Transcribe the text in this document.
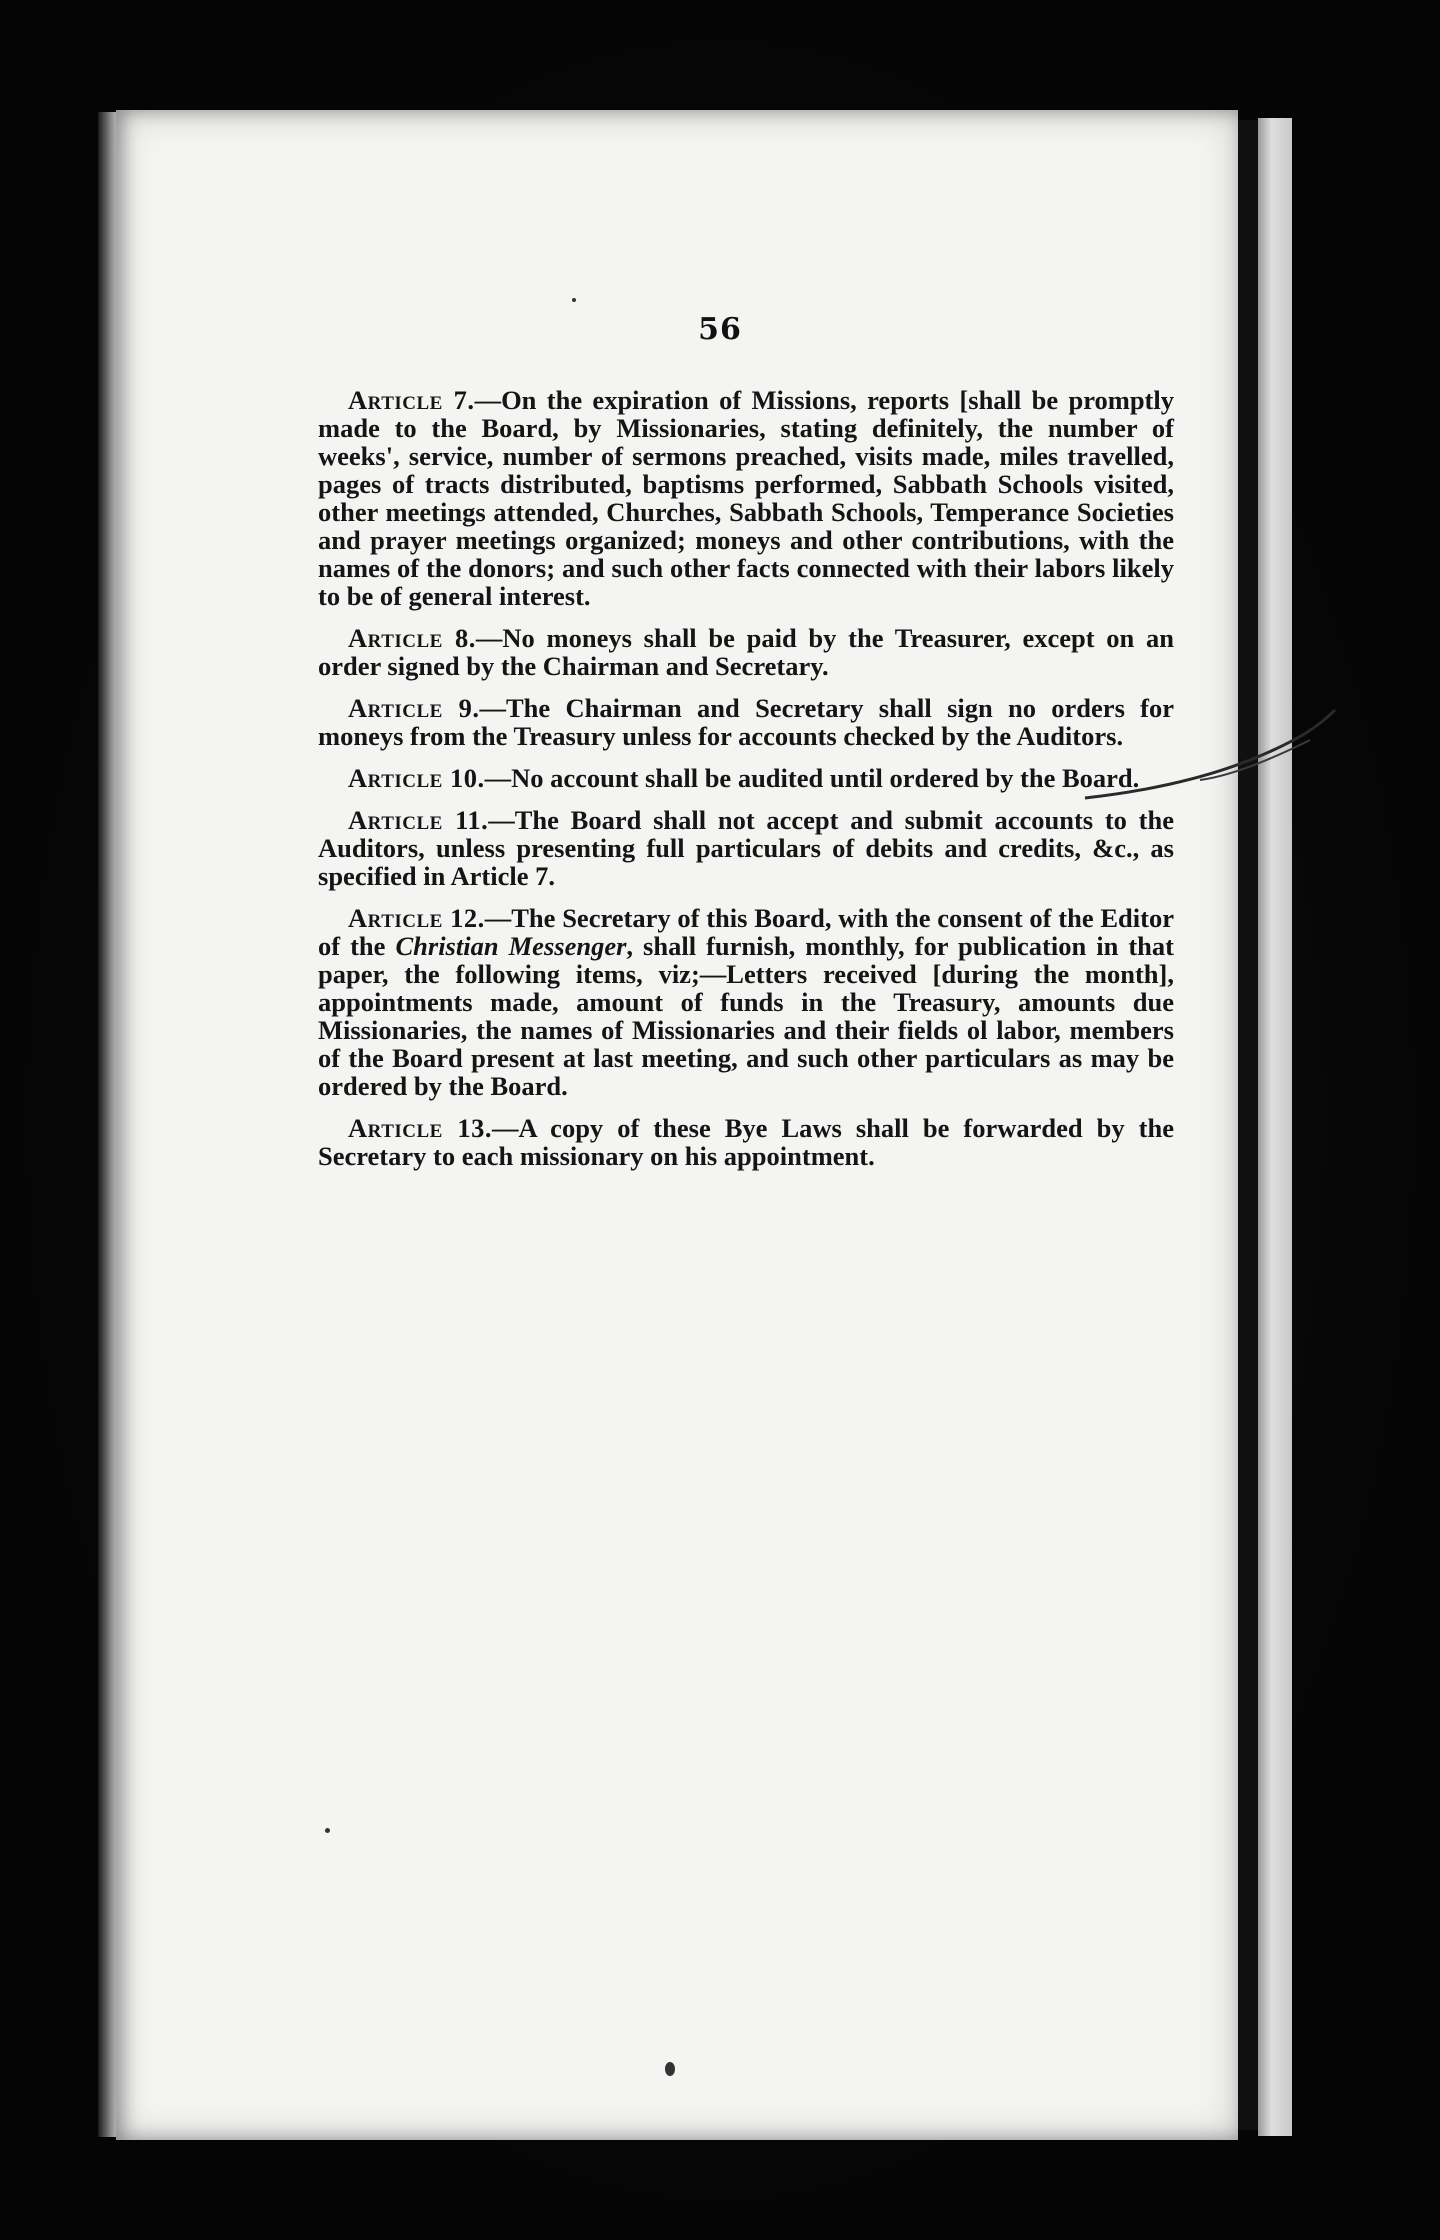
56

Article 7.—On the expiration of Missions, reports [shall be promptly made to the Board, by Missionaries, stating definitely, the number of weeks', service, number of sermons preached, visits made, miles travelled, pages of tracts distributed, baptisms performed, Sabbath Schools visited, other meetings attended, Churches, Sabbath Schools, Temperance Societies and prayer meetings organized; moneys and other contributions, with the names of the donors; and such other facts connected with their labors likely to be of general interest.

Article 8.—No moneys shall be paid by the Treasurer, except on an order signed by the Chairman and Secretary.

Article 9.—The Chairman and Secretary shall sign no orders for moneys from the Treasury unless for accounts checked by the Auditors.

Article 10.—No account shall be audited until ordered by the Board.

Article 11.—The Board shall not accept and submit accounts to the Auditors, unless presenting full particulars of debits and credits, &c., as specified in Article 7.

Article 12.—The Secretary of this Board, with the consent of the Editor of the Christian Messenger, shall furnish, monthly, for publication in that paper, the following items, viz;—Letters received [during the month], appointments made, amount of funds in the Treasury, amounts due Missionaries, the names of Missionaries and their fields ol labor, members of the Board present at last meeting, and such other particulars as may be ordered by the Board.

Article 13.—A copy of these Bye Laws shall be forwarded by the Secretary to each missionary on his appointment.
